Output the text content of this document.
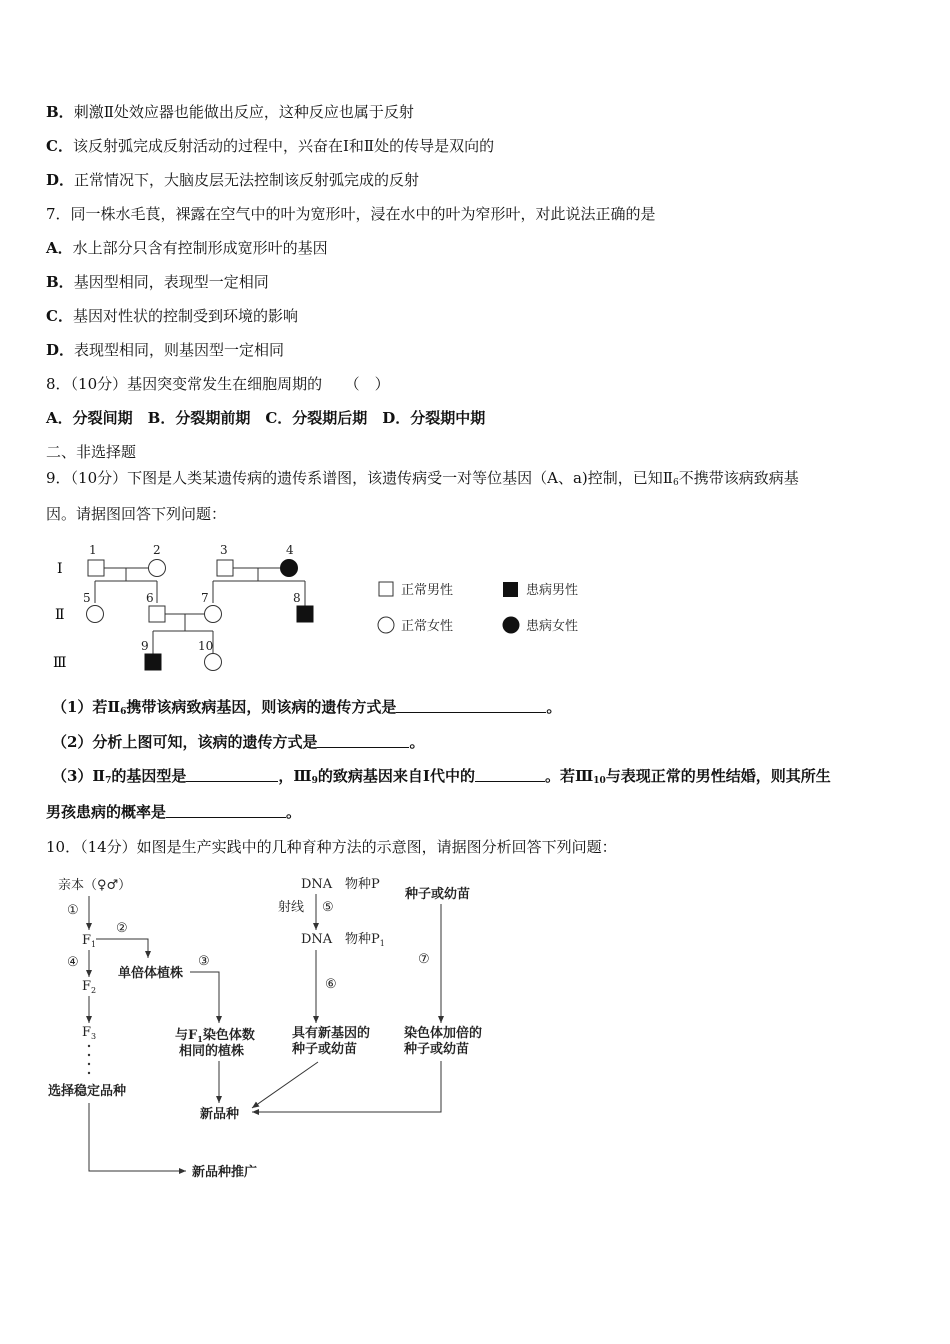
B．刺激Ⅱ处效应器也能做出反应，这种反应也属于反射
C．该反射弧完成反射活动的过程中，兴奋在Ⅰ和Ⅱ处的传导是双向的
D．正常情况下，大脑皮层无法控制该反射弧完成的反射
7．同一株水毛茛，裸露在空气中的叶为宽形叶，浸在水中的叶为窄形叶，对此说法正确的是
A．水上部分只含有控制形成宽形叶的基因
B．基因型相同，表现型一定相同
C．基因对性状的控制受到环境的影响
D．表现型相同，则基因型一定相同
8．（10分）基因突变常发生在细胞周期的　　（　）
A．分裂间期　B．分裂期前期　C．分裂期后期　D．分裂期中期
二、非选择题
9．（10分）下图是人类某遗传病的遗传系谱图，该遗传病受一对等位基因（A、a)控制，已知$Ⅱ_6$不携带该病致病基
因。请据图回答下列问题：
Ⅰ
Ⅱ
Ⅲ
1	2	3	4
5	6	7	8
9	10
正常男性	患病男性
正常女性	患病女性
（1）若$Ⅱ_6$携带该病致病基因，则该病的遗传方式是	。
（2）分析上图可知，该病的遗传方式是	。
$(3)Ⅱ_7$的基因型是	，$Ⅲ_9$的致病基因来自Ⅰ代中的	。若$Ⅲ_{10}$与表现正常的男性结婚，则其所生
男孩患病的概率是	。
10．（14分）如图是生产实践中的几种育种方法的示意图，请据图分析回答下列问题：
亲本（♀♂）
①
$F_1$
②
④
$F_2$
$F_3$
选择稳定品种
单倍体植株
③
与$F_1$染色体数
相同的植株
新品种
新品种推广
DNA 物种P
射线 ⑤
DNA 物种$P_1$
⑥
具有新基因的
种子或幼苗
种子或幼苗
⑦
染色体加倍的
种子或幼苗
